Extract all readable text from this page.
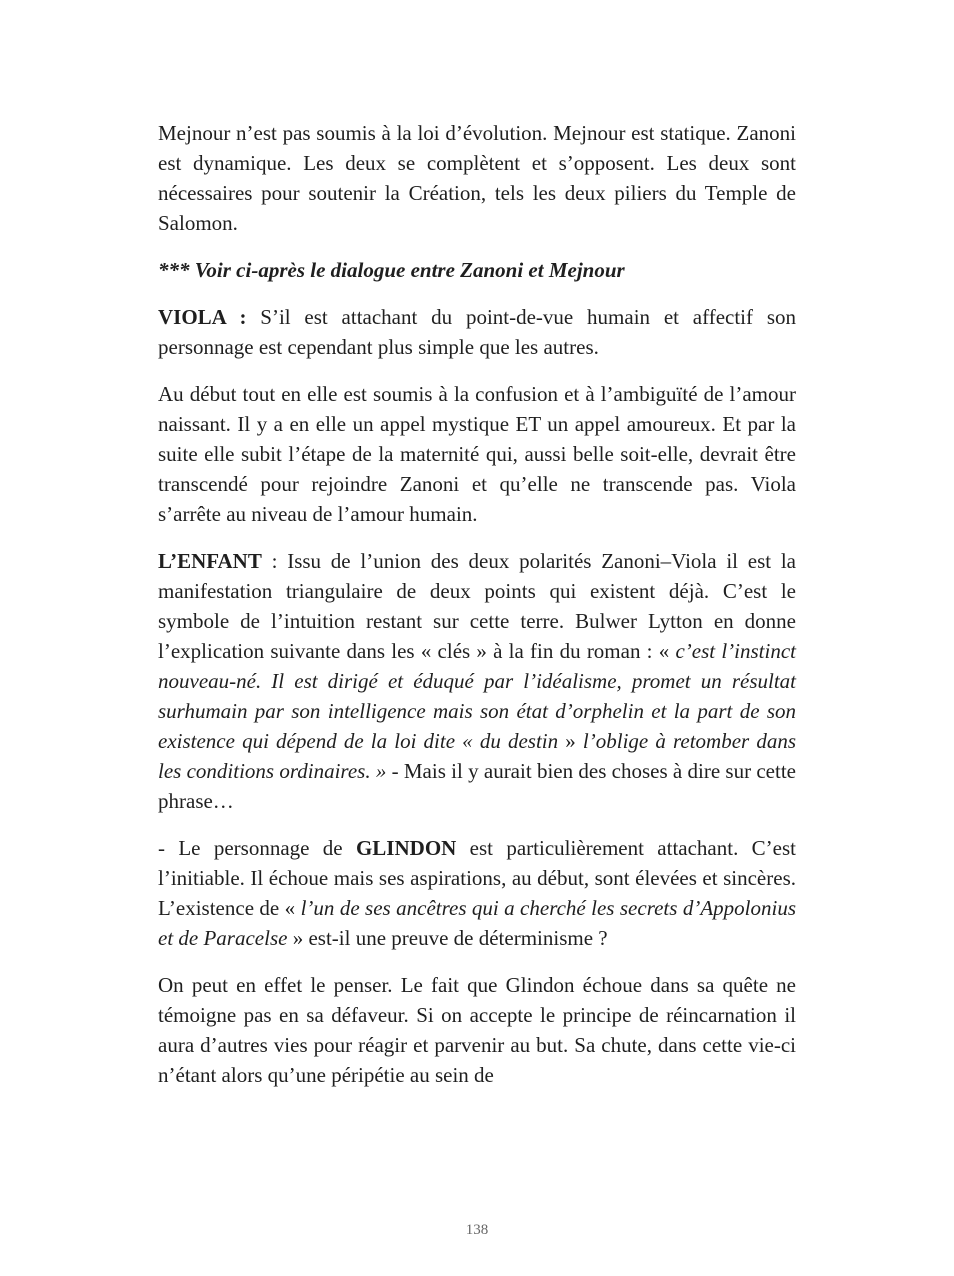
Mejnour n’est pas soumis à la loi d’évolution. Mejnour est statique. Zanoni est dynamique. Les deux se complètent et s’opposent. Les deux sont nécessaires pour soutenir la Création, tels les deux piliers du Temple de Salomon.

*** Voir ci-après le dialogue entre Zanoni et Mejnour

VIOLA : S’il est attachant du point-de-vue humain et affectif son personnage est cependant plus simple que les autres.

Au début tout en elle est soumis à la confusion et à l’ambiguïté de l’amour naissant. Il y a en elle un appel mystique ET un appel amoureux. Et par la suite elle subit l’étape de la maternité qui, aussi belle soit-elle, devrait être transcendé pour rejoindre Zanoni et qu’elle ne transcende pas. Viola s’arrête au niveau de l’amour humain.

L’ENFANT : Issu de l’union des deux polarités Zanoni–Viola il est la manifestation triangulaire de deux points qui existent déjà. C’est le symbole de l’intuition restant sur cette terre. Bulwer Lytton en donne l’explication suivante dans les « clés » à la fin du roman : « c’est l’instinct nouveau-né. Il est dirigé et éduqué par l’idéalisme, promet un résultat surhumain par son intelligence mais son état d’orphelin et la part de son existence qui dépend de la loi dite « du destin » l’oblige à retomber dans les conditions ordinaires. » - Mais il y aurait bien des choses à dire sur cette phrase…

- Le personnage de GLINDON est particulièrement attachant. C’est l’initiable. Il échoue mais ses aspirations, au début, sont élevées et sincères. L’existence de « l’un de ses ancêtres qui a cherché les secrets d’Appolonius et de Paracelse » est-il une preuve de déterminisme ?

On peut en effet le penser. Le fait que Glindon échoue dans sa quête ne témoigne pas en sa défaveur. Si on accepte le principe de réincarnation il aura d’autres vies pour réagir et parvenir au but. Sa chute, dans cette vie-ci n’étant alors qu’une péripétie au sein de

138
